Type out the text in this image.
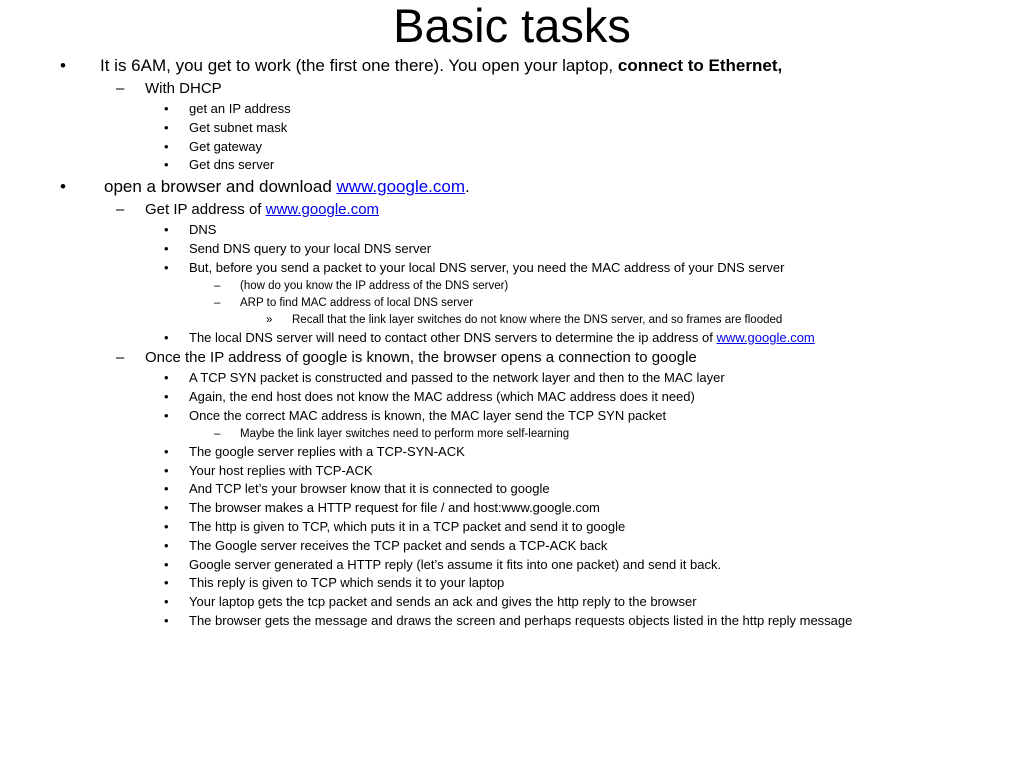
Basic tasks
• It is 6AM, you get to work (the first one there). You open your laptop, connect to Ethernet,
– With DHCP
• get an IP address
• Get subnet mask
• Get gateway
• Get dns server
• open a browser and download www.google.com.
– Get IP address of www.google.com
• DNS
• Send DNS query to your local DNS server
• But, before you send a packet to your local DNS server, you need the MAC address of your DNS server
– (how do you know the IP address of the DNS server)
– ARP to find MAC address of local DNS server
» Recall that the link layer switches do not know where the DNS server, and so frames are flooded
• The local DNS server will need to contact other DNS servers to determine the ip address of www.google.com
– Once the IP address of google is known, the browser opens a connection to google
• A TCP SYN packet is constructed and passed to the network layer and then to the MAC layer
• Again, the end host does not know the MAC address (which MAC address does it need)
• Once the correct MAC address is known, the MAC layer send the TCP SYN packet
– Maybe the link layer switches need to perform more self-learning
• The google server replies with a TCP-SYN-ACK
• Your host replies with TCP-ACK
• And TCP let’s your browser know that it is connected to google
• The browser makes a HTTP request for file / and host:www.google.com
• The http is given to TCP, which puts it in a TCP packet and send it to google
• The Google server receives the TCP packet and sends a TCP-ACK back
• Google server generated a HTTP reply (let’s assume it fits into one packet) and send it back.
• This reply is given to TCP which sends it to your laptop
• Your laptop gets the tcp packet and sends an ack and gives the http reply to the browser
• The browser gets the message and draws the screen and perhaps requests objects listed in the http reply message
